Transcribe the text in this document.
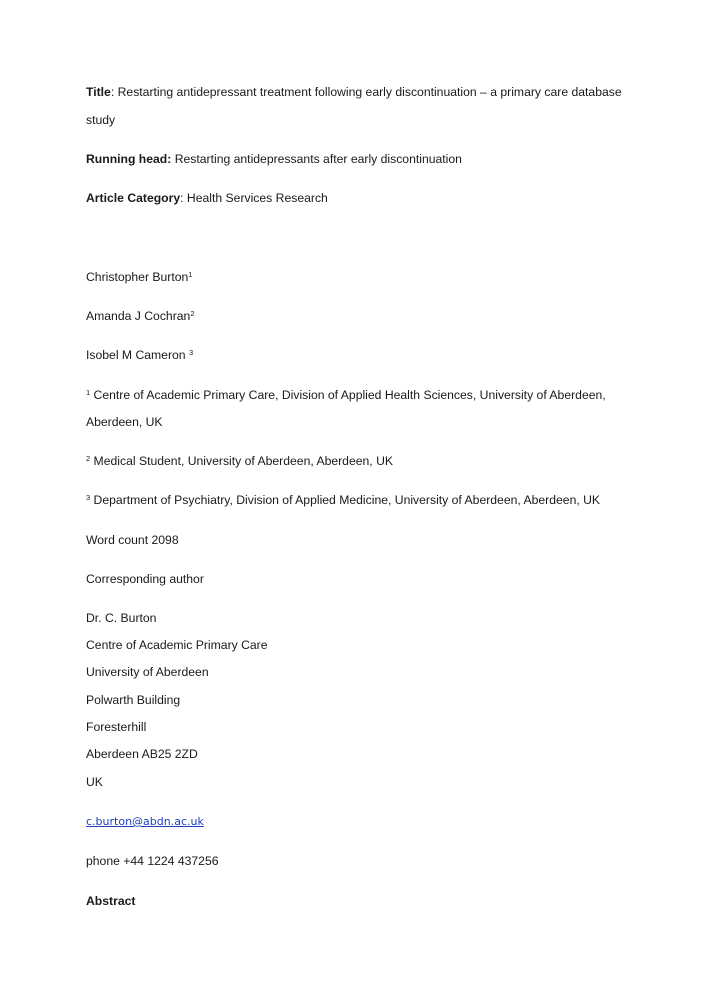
Title: Restarting antidepressant treatment following early discontinuation – a primary care database
study
Running head: Restarting antidepressants after early discontinuation
Article Category: Health Services Research
Christopher Burton$^1$
Amanda J Cochran$^2$
Isobel M Cameron $^3$
$^1$ Centre of Academic Primary Care, Division of Applied Health Sciences, University of Aberdeen,
Aberdeen, UK
$^2$ Medical Student, University of Aberdeen, Aberdeen, UK
$^3$ Department of Psychiatry, Division of Applied Medicine, University of Aberdeen, Aberdeen, UK
Word count 2098
Corresponding author
Dr. C. Burton
Centre of Academic Primary Care
University of Aberdeen
Polwarth Building
Foresterhill
Aberdeen AB25 2ZD
UK
c.burton@abdn.ac.uk
phone +44 1224 437256
Abstract
